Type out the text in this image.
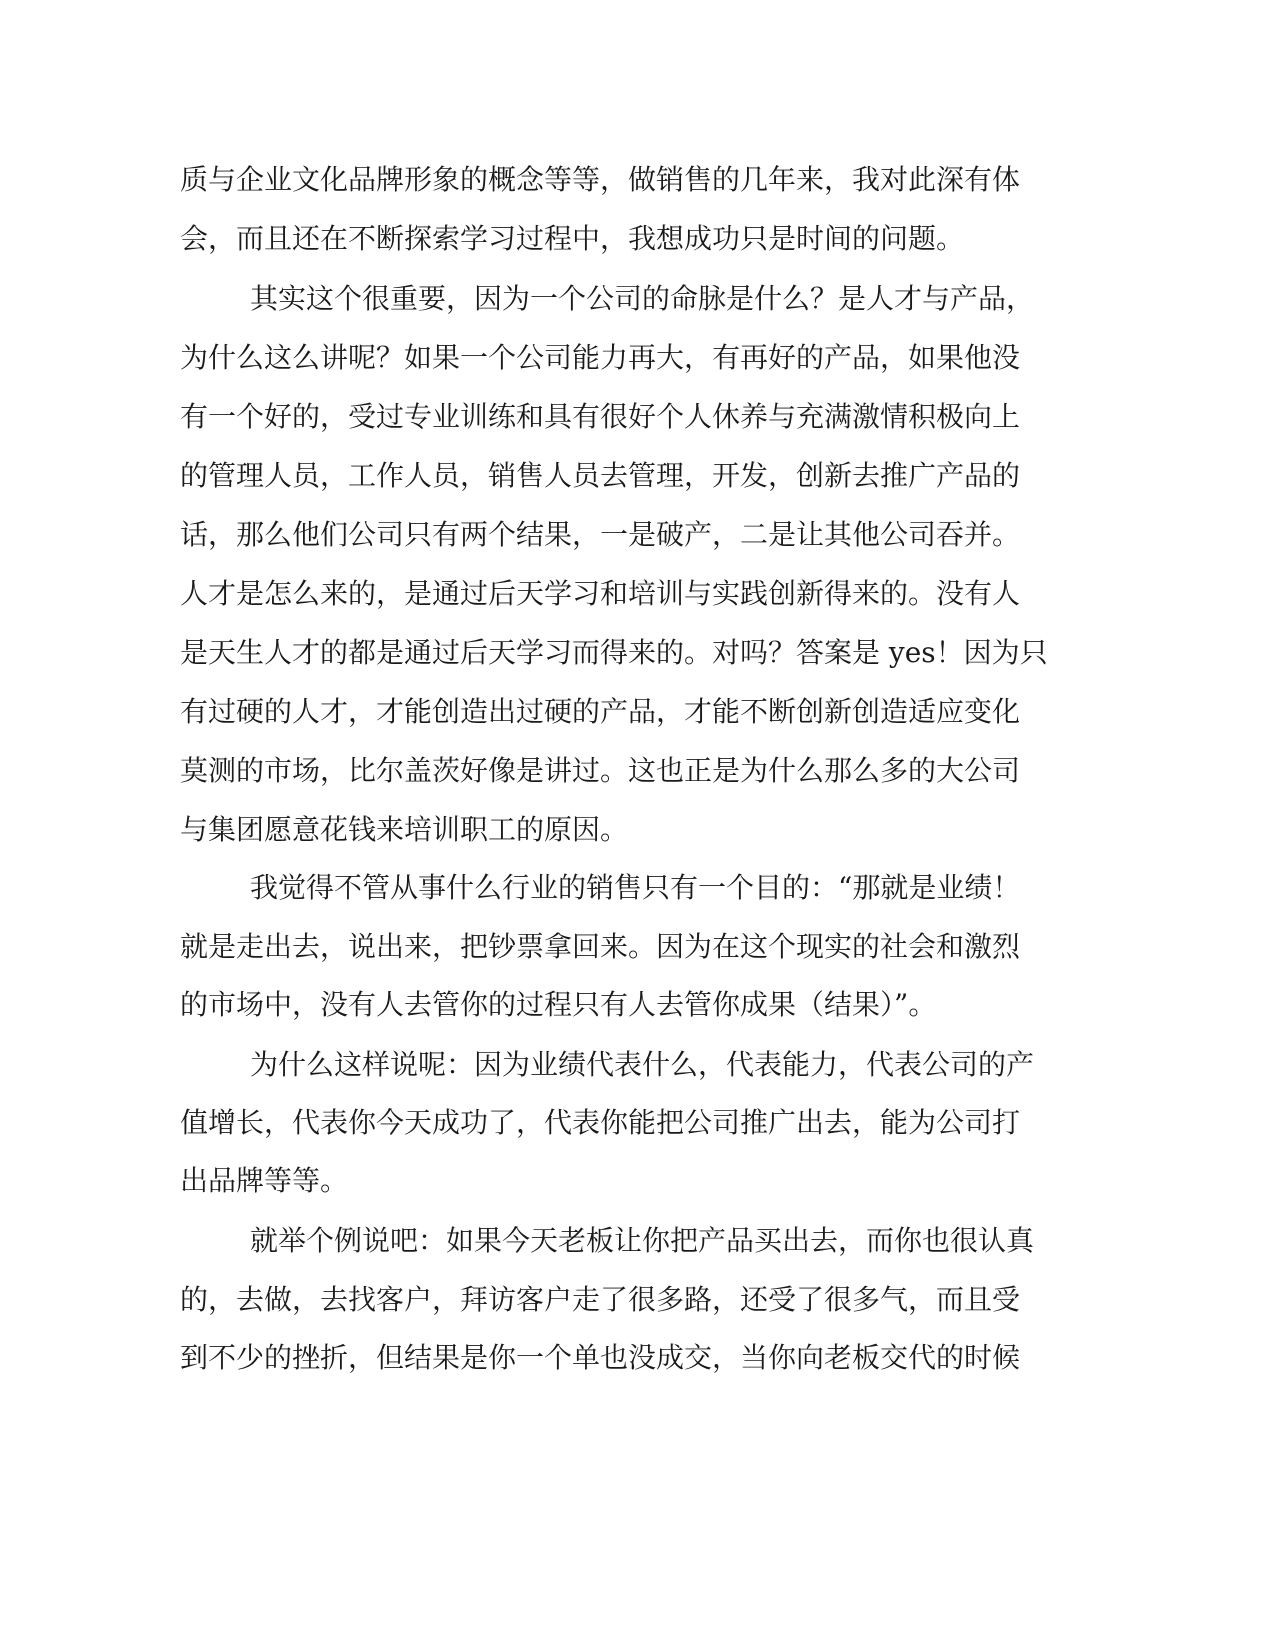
质与企业文化品牌形象的概念等等，做销售的几年来，我对此深有体
会，而且还在不断探索学习过程中，我想成功只是时间的问题。
其实这个很重要，因为一个公司的命脉是什么？是人才与产品，
为什么这么讲呢？如果一个公司能力再大，有再好的产品，如果他没
有一个好的，受过专业训练和具有很好个人休养与充满激情积极向上
的管理人员，工作人员，销售人员去管理，开发，创新去推广产品的
话，那么他们公司只有两个结果，一是破产，二是让其他公司吞并。
人才是怎么来的，是通过后天学习和培训与实践创新得来的。没有人
是天生人才的都是通过后天学习而得来的。对吗？答案是 yes！因为只
有过硬的人才，才能创造出过硬的产品，才能不断创新创造适应变化
莫测的市场，比尔盖茨好像是讲过。这也正是为什么那么多的大公司
与集团愿意花钱来培训职工的原因。
我觉得不管从事什么行业的销售只有一个目的：“那就是业绩！
就是走出去，说出来，把钞票拿回来。因为在这个现实的社会和激烈
的市场中，没有人去管你的过程只有人去管你成果（结果）”。
为什么这样说呢：因为业绩代表什么，代表能力，代表公司的产
值增长，代表你今天成功了，代表你能把公司推广出去，能为公司打
出品牌等等。
就举个例说吧：如果今天老板让你把产品买出去，而你也很认真
的，去做，去找客户，拜访客户走了很多路，还受了很多气，而且受
到不少的挫折，但结果是你一个单也没成交，当你向老板交代的时候
